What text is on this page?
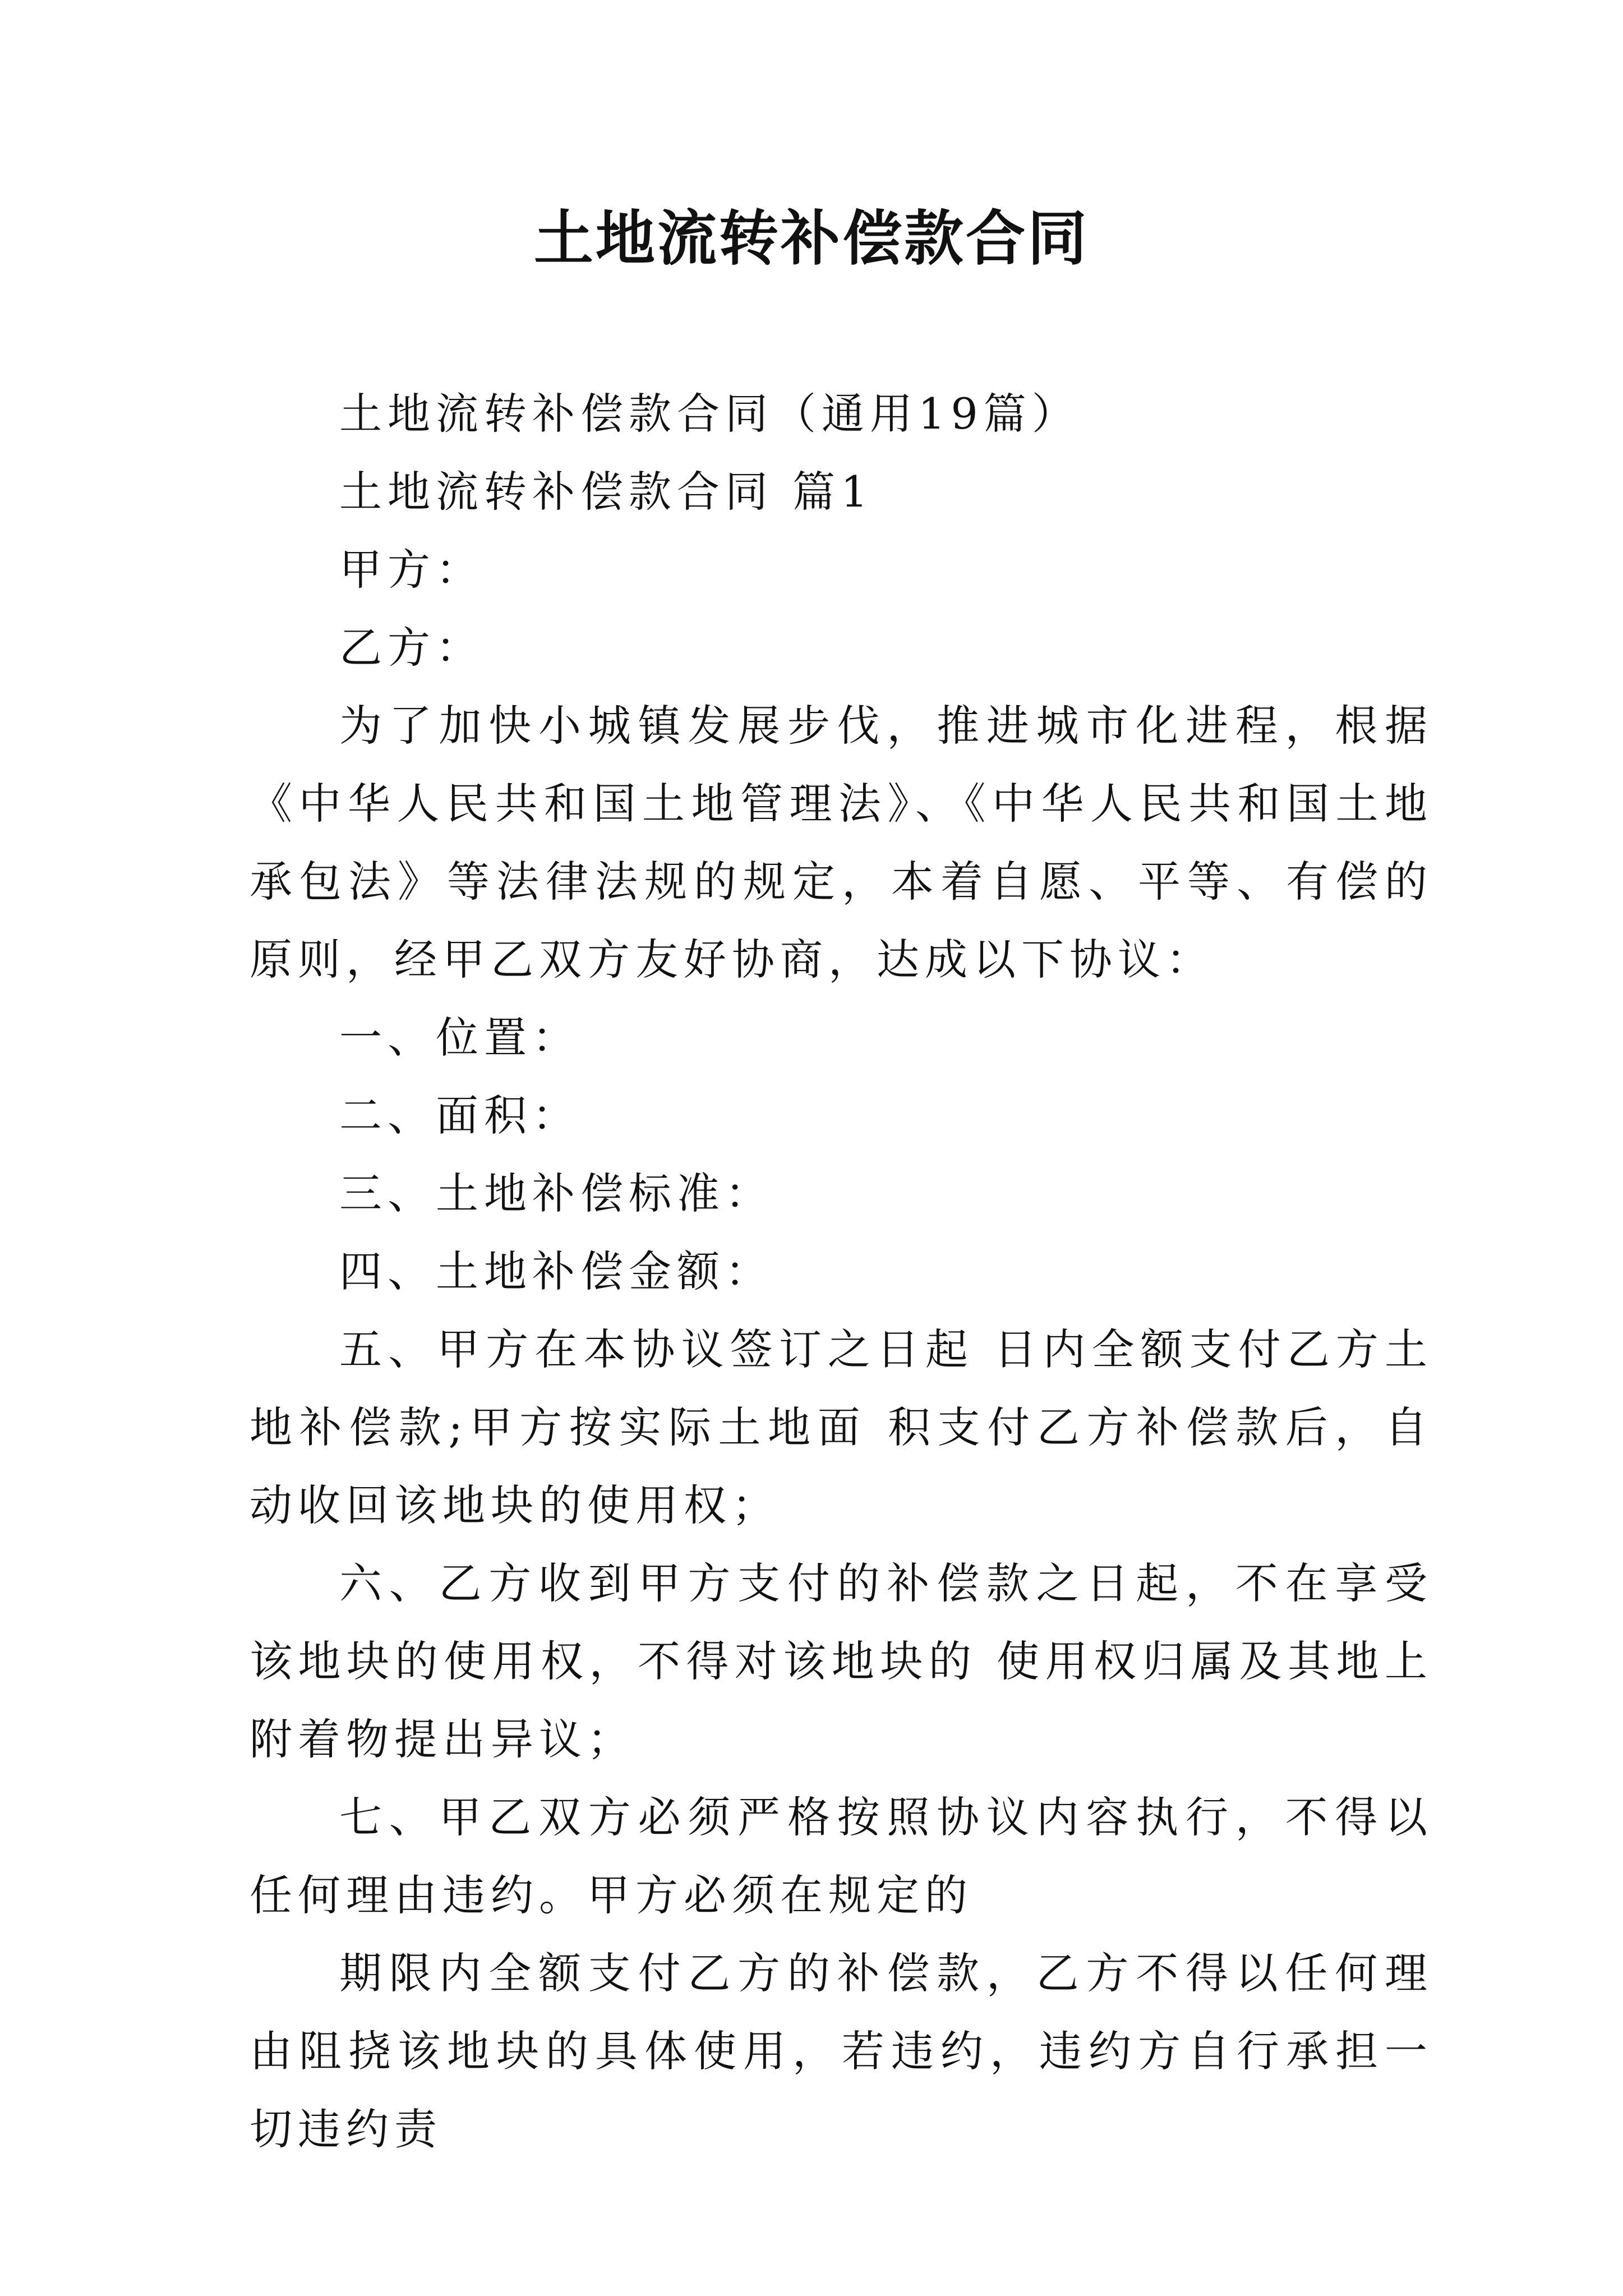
土地流转补偿款合同

土地流转补偿款合同（通用19篇）

土地流转补偿款合同 篇1

甲方：

乙方：

为了加快小城镇发展步伐，推进城市化进程，根据《中华人民共和国土地管理法》、《中华人民共和国土地承包法》等法律法规的规定，本着自愿、平等、有偿的原则，经甲乙双方友好协商，达成以下协议：

一、位置：

二、面积：

三、土地补偿标准：

四、土地补偿金额：

五、甲方在本协议签订之日起 日内全额支付乙方土地补偿款;甲方按实际土地面 积支付乙方补偿款后，自动收回该地块的使用权；

六、乙方收到甲方支付的补偿款之日起，不在享受该地块的使用权，不得对该地块的 使用权归属及其地上附着物提出异议；

七、甲乙双方必须严格按照协议内容执行，不得以任何理由违约。甲方必须在规定的

期限内全额支付乙方的补偿款，乙方不得以任何理由阻挠该地块的具体使用，若违约，违约方自行承担一切违约责
